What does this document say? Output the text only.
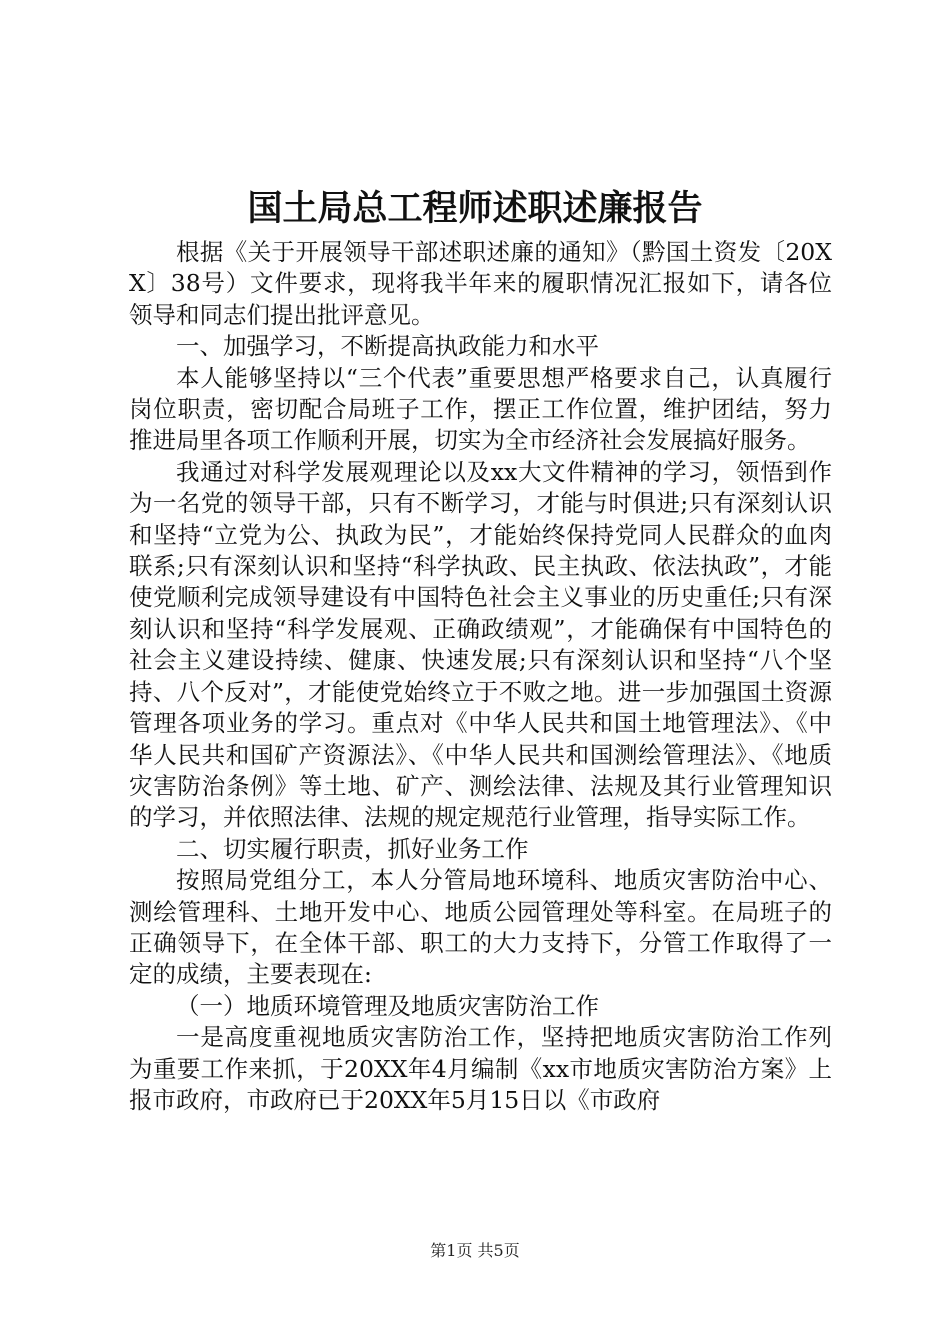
国土局总工程师述职述廉报告

根据《关于开展领导干部述职述廉的通知》（黔国土资发〔20XX〕38号）文件要求，现将我半年来的履职情况汇报如下，请各位领导和同志们提出批评意见。

一、加强学习，不断提高执政能力和水平

本人能够坚持以“三个代表”重要思想严格要求自己，认真履行岗位职责，密切配合局班子工作，摆正工作位置，维护团结，努力推进局里各项工作顺利开展，切实为全市经济社会发展搞好服务。

我通过对科学发展观理论以及xx大文件精神的学习，领悟到作为一名党的领导干部，只有不断学习，才能与时俱进;只有深刻认识和坚持“立党为公、执政为民”，才能始终保持党同人民群众的血肉联系;只有深刻认识和坚持“科学执政、民主执政、依法执政”，才能使党顺利完成领导建设有中国特色社会主义事业的历史重任;只有深刻认识和坚持“科学发展观、正确政绩观”，才能确保有中国特色的社会主义建设持续、健康、快速发展;只有深刻认识和坚持“八个坚持、八个反对”，才能使党始终立于不败之地。进一步加强国土资源管理各项业务的学习。重点对《中华人民共和国土地管理法》、《中华人民共和国矿产资源法》、《中华人民共和国测绘管理法》、《地质灾害防治条例》等土地、矿产、测绘法律、法规及其行业管理知识的学习，并依照法律、法规的规定规范行业管理，指导实际工作。

二、切实履行职责，抓好业务工作

按照局党组分工，本人分管局地环境科、地质灾害防治中心、测绘管理科、土地开发中心、地质公园管理处等科室。在局班子的正确领导下，在全体干部、职工的大力支持下，分管工作取得了一定的成绩，主要表现在:

（一）地质环境管理及地质灾害防治工作

一是高度重视地质灾害防治工作，坚持把地质灾害防治工作列为重要工作来抓，于20XX年4月编制《xx市地质灾害防治方案》上报市政府，市政府已于20XX年5月15日以《市政府

第1页 共5页
